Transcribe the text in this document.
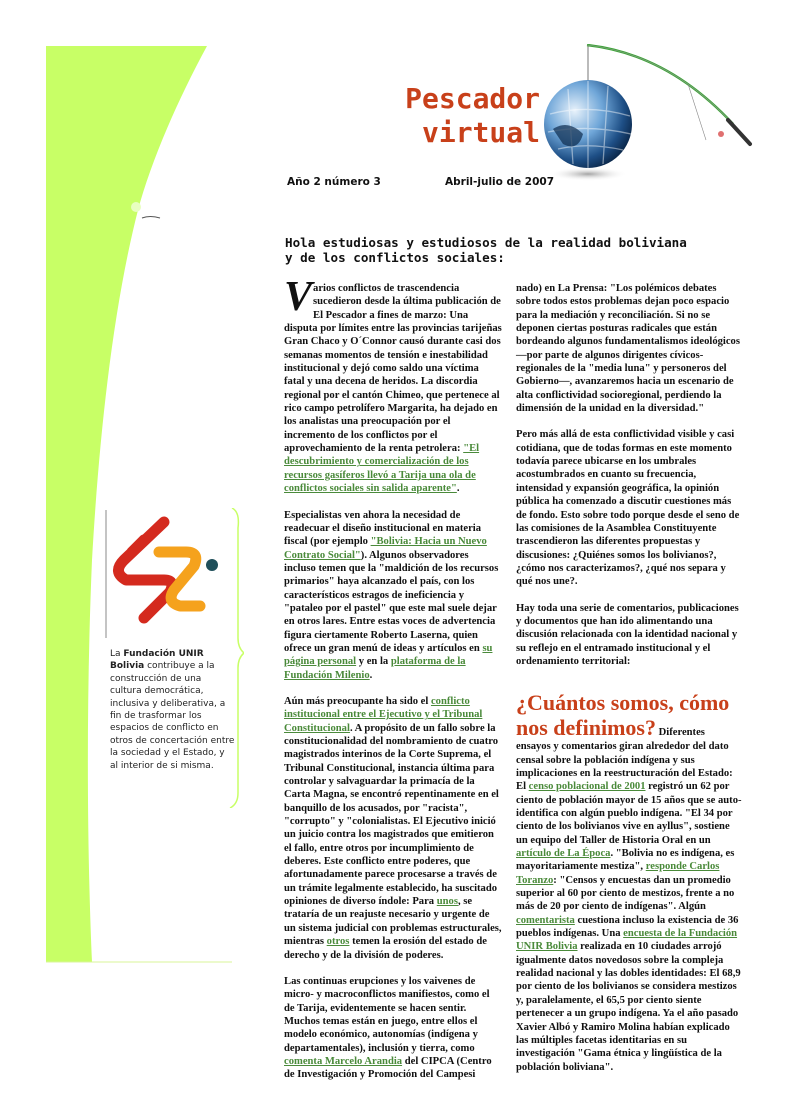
Pescador
virtual
Año 2 número 3	Abril-julio de 2007
Hola estudiosas y estudiosos de la realidad boliviana
y de los conflictos sociales:

Varios conflictos de trascendencia sucedieron desde la última publicación de El Pescador a fines de marzo: Una disputa por límites entre las provincias tarijeñas Gran Chaco y O´Connor causó durante casi dos semanas momentos de tensión e inestabilidad institucional y dejó como saldo una víctima fatal y una decena de heridos. La discordia regional por el cantón Chimeo, que pertenece al rico campo petrolífero Margarita, ha dejado en los analistas una preocupación por el incremento de los conflictos por el aprovechamiento de la renta petrolera: "El descubrimiento y comercialización de los recursos gasíferos llevó a Tarija una ola de conflictos sociales sin salida aparente".

Especialistas ven ahora la necesidad de readecuar el diseño institucional en materia fiscal (por ejemplo "Bolivia: Hacia un Nuevo Contrato Social"). Algunos observadores incluso temen que la "maldición de los recursos primarios" haya alcanzado el país, con los característicos estragos de ineficiencia y "pataleo por el pastel" que este mal suele dejar en otros lares. Entre estas voces de advertencia figura ciertamente Roberto Laserna, quien ofrece un gran menú de ideas y artículos en su página personal y en la plataforma de la Fundación Milenio.

Aún más preocupante ha sido el conflicto institucional entre el Ejecutivo y el Tribunal Constitucional. A propósito de un fallo sobre la constitucionalidad del nombramiento de cuatro magistrados interinos de la Corte Suprema, el Tribunal Constitucional, instancia última para controlar y salvaguardar la primacía de la Carta Magna, se encontró repentinamente en el banquillo de los acusados, por "racista", "corrupto" y "colonialistas. El Ejecutivo inició un juicio contra los magistrados que emitieron el fallo, entre otros por incumplimiento de deberes. Este conflicto entre poderes, que afortunadamente parece procesarse a través de un trámite legalmente establecido, ha suscitado opiniones de diverso índole: Para unos, se trataría de un reajuste necesario y urgente de un sistema judicial con problemas estructurales, mientras otros temen la erosión del estado de derecho y de la división de poderes.

Las continuas erupciones y los vaivenes de micro- y macroconflictos manifiestos, como el de Tarija, evidentemente se hacen sentir. Muchos temas están en juego, entre ellos el modelo económico, autonomías (indígena y departamentales), inclusión y tierra, como comenta Marcelo Arandia del CIPCA (Centro de Investigación y Promoción del Campesi

La Fundación UNIR Bolivia contribuye a la construcción de una cultura democrática, inclusiva y deliberativa, a fin de trasformar los espacios de conflicto en otros de concertación entre la sociedad y el Estado, y al interior de si misma.

nado) en La Prensa: "Los polémicos debates sobre todos estos problemas dejan poco espacio para la mediación y reconciliación. Si no se deponen ciertas posturas radicales que están bordeando algunos fundamentalismos ideológicos —por parte de algunos dirigentes cívicos-regionales de la "media luna" y personeros del Gobierno—, avanzaremos hacia un escenario de alta conflictividad socioregional, perdiendo la dimensión de la unidad en la diversidad."

Pero más allá de esta conflictividad visible y casi cotidiana, que de todas formas en este momento todavía parece ubicarse en los umbrales acostumbrados en cuanto su frecuencia, intensidad y expansión geográfica, la opinión pública ha comenzado a discutir cuestiones más de fondo. Esto sobre todo porque desde el seno de las comisiones de la Asamblea Constituyente trascendieron las diferentes propuestas y discusiones: ¿Quiénes somos los bolivianos?, ¿cómo nos caracterizamos?, ¿qué nos separa y qué nos une?.

Hay toda una serie de comentarios, publicaciones y documentos que han ido alimentando una discusión relacionada con la identidad nacional y su reflejo en el entramado institucional y el ordenamiento territorial:

¿Cuántos somos, cómo nos definimos? Diferentes ensayos y comentarios giran alrededor del dato censal sobre la población indígena y sus implicaciones en la reestructuración del Estado: El censo poblacional de 2001 registró un 62 por ciento de población mayor de 15 años que se auto-identifica con algún pueblo indígena. "El 34 por ciento de los bolivianos vive en ayllus", sostiene un equipo del Taller de Historia Oral en un artículo de La Época. "Bolivia no es indígena, es mayoritariamente mestiza", responde Carlos Toranzo: "Censos y encuestas dan un promedio superior al 60 por ciento de mestizos, frente a no más de 20 por ciento de indígenas". Algún comentarista cuestiona incluso la existencia de 36 pueblos indígenas. Una encuesta de la Fundación UNIR Bolivia realizada en 10 ciudades arrojó igualmente datos novedosos sobre la compleja realidad nacional y las dobles identidades: El 68,9 por ciento de los bolivianos se considera mestizos y, paralelamente, el 65,5 por ciento siente pertenecer a un grupo indígena. Ya el año pasado Xavier Albó y Ramiro Molina habían explicado las múltiples facetas identitarias en su investigación "Gama étnica y lingüística de la población boliviana".
